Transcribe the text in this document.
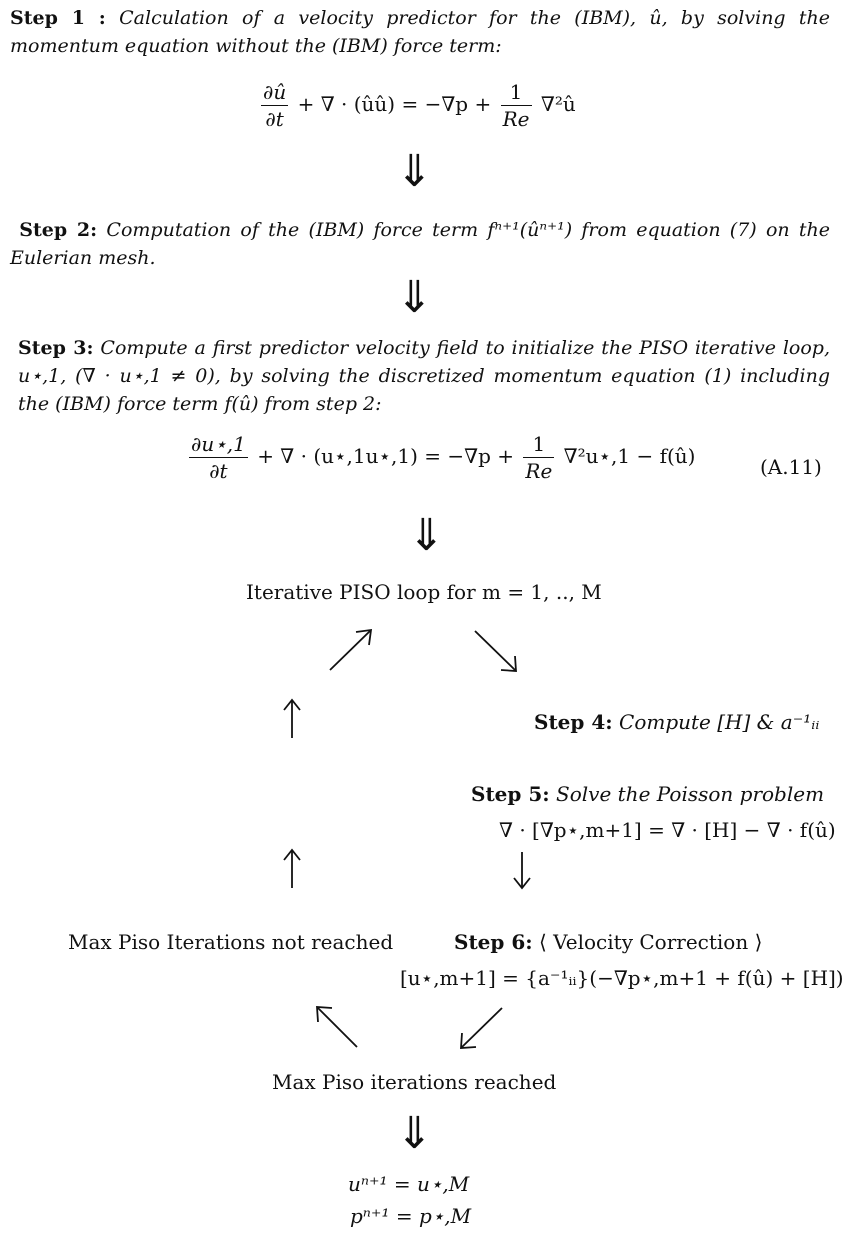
Step 1 : Calculation of a velocity predictor for the (IBM), û, by solving the momentum equation without the (IBM) force term:
$\frac{\partial û}{\partial t}$ + ∇ · (ûû) = $-\nabla p + \frac{1}{Re}$ ∇²û
⇓
Step 2: Computation of the (IBM) force term fⁿ⁺¹(ûⁿ⁺¹) from equation (7) on the Eulerian mesh.
⇓
Step 3: Compute a first predictor velocity field to initialize the PISO iterative loop, u⋆,1, (∇ · u⋆,1 ≠ 0), by solving the discretized momentum equation (1) including the (IBM) force term f(û) from step 2:
$\frac{\partial u⋆,1}{\partial t}$ + ∇ · (u⋆,1u⋆,1) = $-\nabla p + \frac{1}{Re}$ ∇²u⋆,1 − f(û)	(A.11)
⇓
Iterative PISO loop for m = 1, .., M
Step 4: Compute [H] & a⁻¹ᵢᵢ
Step 5: Solve the Poisson problem
∇ · [∇p⋆,m+1] = ∇ · [H] − ∇ · f(û)
Max Piso Iterations not reached	Step 6: ⟨ Velocity Correction ⟩
[u⋆,m+1] = {a⁻¹ᵢᵢ}(−∇p⋆,m+1 + f(û) + [H])
Max Piso iterations reached
⇓
uⁿ⁺¹ = u⋆,M
pⁿ⁺¹ = p⋆,M
